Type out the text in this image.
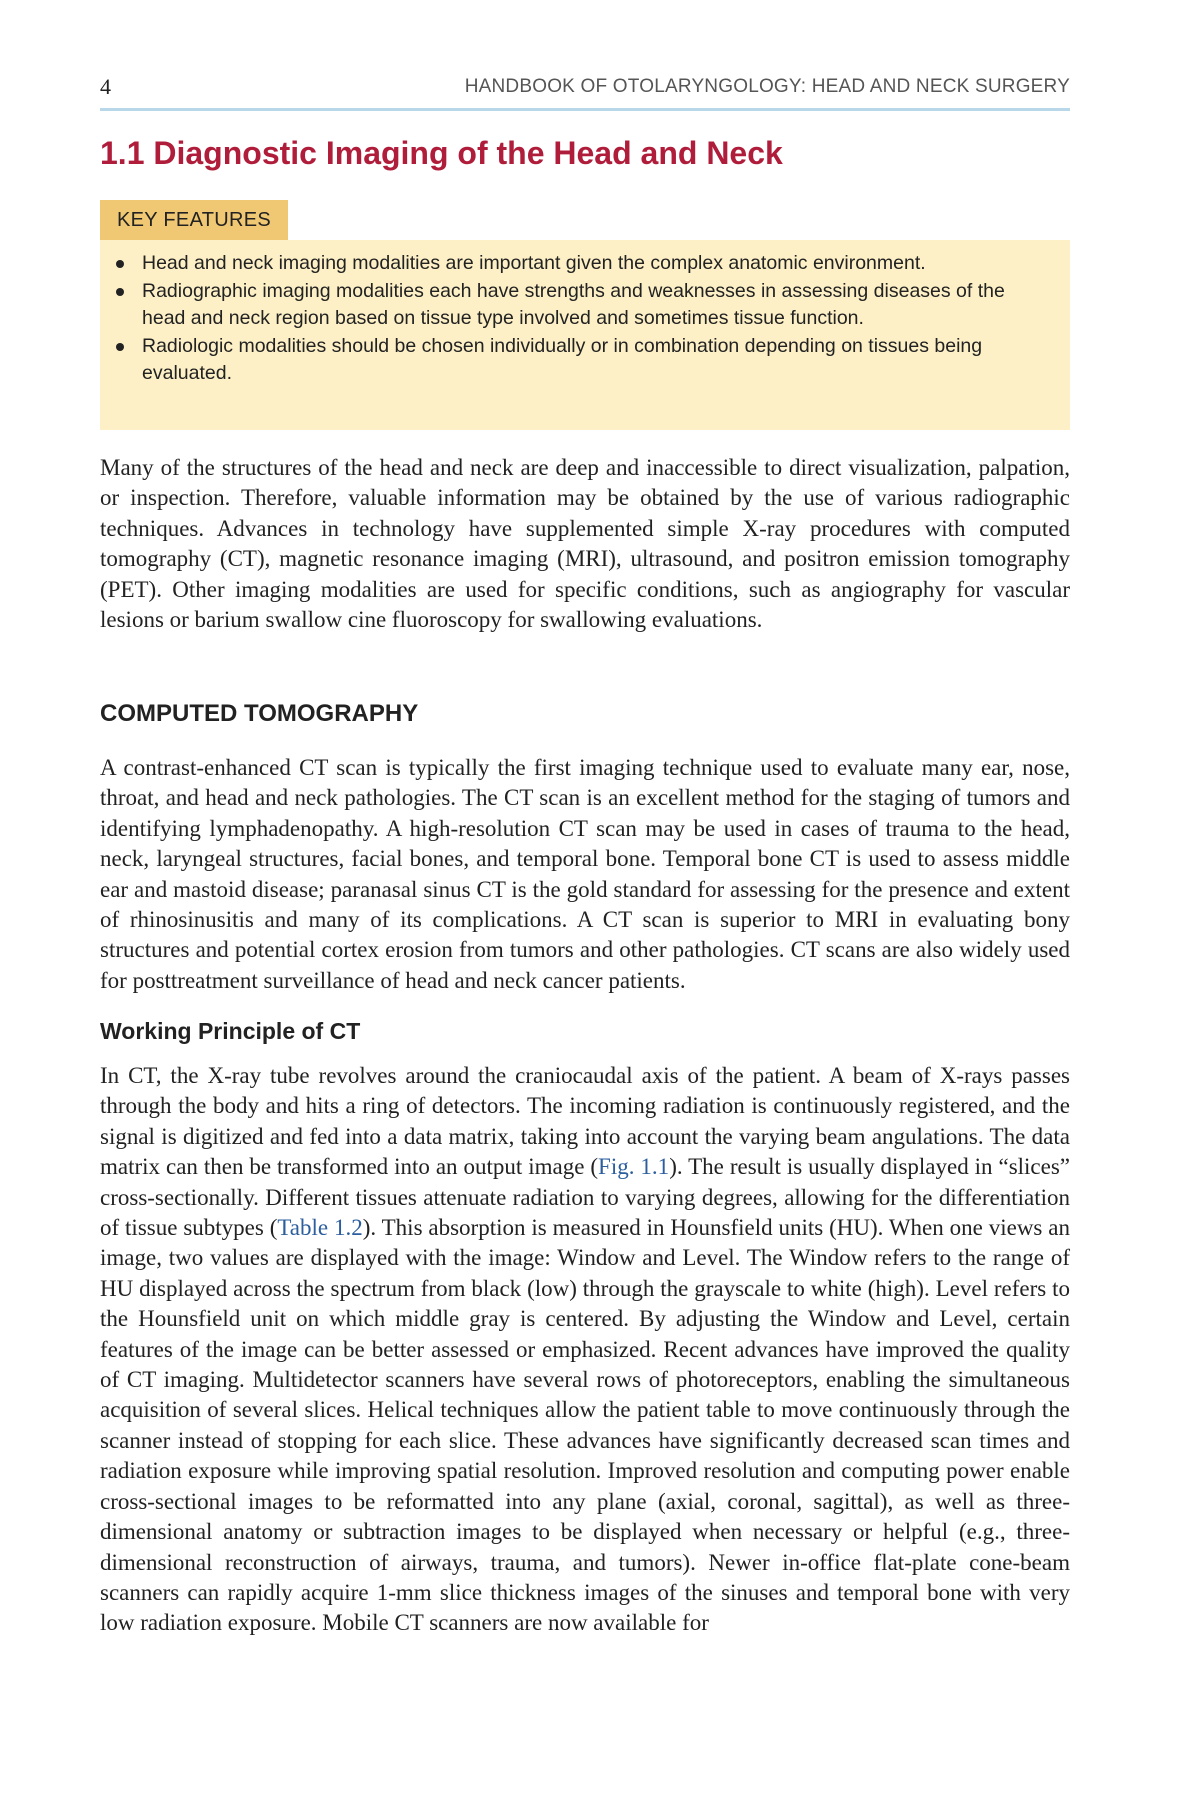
4	HANDBOOK OF OTOLARYNGOLOGY: HEAD AND NECK SURGERY
1.1 Diagnostic Imaging of the Head and Neck
KEY FEATURES
Head and neck imaging modalities are important given the complex anatomic environment.
Radiographic imaging modalities each have strengths and weaknesses in assessing diseases of the head and neck region based on tissue type involved and sometimes tissue function.
Radiologic modalities should be chosen individually or in combination depending on tissues being evaluated.

Many of the structures of the head and neck are deep and inaccessible to direct visualization, palpation, or inspection. Therefore, valuable information may be obtained by the use of various radiographic techniques. Advances in technology have supplemented simple X-ray procedures with computed tomography (CT), magnetic resonance imaging (MRI), ultrasound, and positron emission tomography (PET). Other imaging modalities are used for specific conditions, such as angiography for vascular lesions or barium swallow cine fluoroscopy for swallowing evaluations.

COMPUTED TOMOGRAPHY

A contrast-enhanced CT scan is typically the first imaging technique used to evaluate many ear, nose, throat, and head and neck pathologies. The CT scan is an excellent method for the staging of tumors and identifying lymphadenopathy. A high-resolution CT scan may be used in cases of trauma to the head, neck, laryngeal structures, facial bones, and temporal bone. Temporal bone CT is used to assess middle ear and mastoid disease; paranasal sinus CT is the gold standard for assessing for the presence and extent of rhinosinusitis and many of its complications. A CT scan is superior to MRI in evaluating bony structures and potential cortex erosion from tumors and other pathologies. CT scans are also widely used for posttreatment surveillance of head and neck cancer patients.

Working Principle of CT

In CT, the X-ray tube revolves around the craniocaudal axis of the patient. A beam of X-rays passes through the body and hits a ring of detectors. The incoming radiation is continuously registered, and the signal is digitized and fed into a data matrix, taking into account the varying beam angulations. The data matrix can then be transformed into an output image (Fig. 1.1). The result is usually displayed in “slices” cross-sectionally. Different tissues attenuate radiation to varying degrees, allowing for the differentiation of tissue subtypes (Table 1.2). This absorption is measured in Hounsfield units (HU). When one views an image, two values are displayed with the image: Window and Level. The Window refers to the range of HU displayed across the spectrum from black (low) through the grayscale to white (high). Level refers to the Hounsfield unit on which middle gray is centered. By adjusting the Window and Level, certain features of the image can be better assessed or emphasized. Recent advances have improved the quality of CT imaging. Multidetector scanners have several rows of photoreceptors, enabling the simultaneous acquisition of several slices. Helical techniques allow the patient table to move continuously through the scanner instead of stopping for each slice. These advances have significantly decreased scan times and radiation exposure while improving spatial resolution. Improved resolution and computing power enable cross-sectional images to be reformatted into any plane (axial, coronal, sagittal), as well as three-dimensional anatomy or subtraction images to be displayed when necessary or helpful (e.g., three-dimensional reconstruction of airways, trauma, and tumors). Newer in-office flat-plate cone-beam scanners can rapidly acquire 1-mm slice thickness images of the sinuses and temporal bone with very low radiation exposure. Mobile CT scanners are now available for
